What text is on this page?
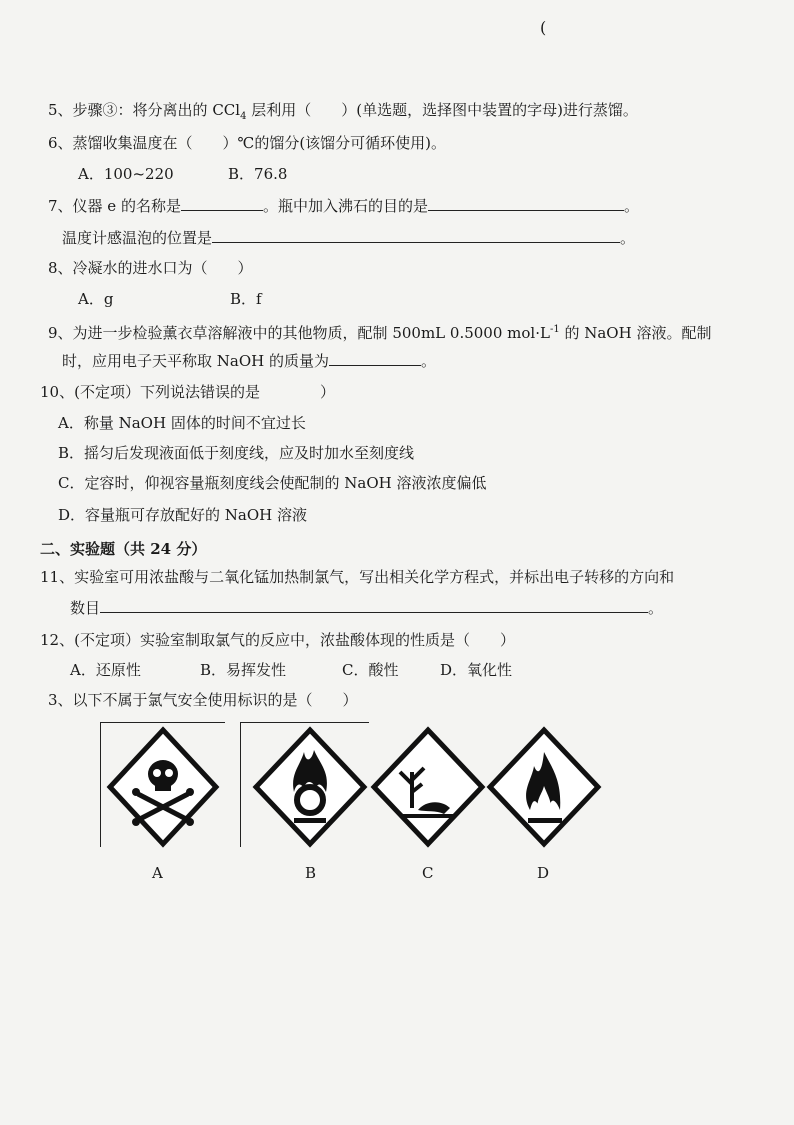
(
5、步骤③：将分离出的 CCl$_4$ 层利用（　　）(单选题，选择图中装置的字母)进行蒸馏。
6、蒸馏收集温度在（　　）℃的馏分(该馏分可循环使用)。
A．100~220	B．76.8
7、仪器 e 的名称是	。瓶中加入沸石的目的是	。
温度计感温泡的位置是	。
8、冷凝水的进水口为（　　）
A．g	B．f
9、为进一步检验薰衣草溶解液中的其他物质，配制 500mL 0.5000 $mol\cdot L^{-1}$ 的 NaOH 溶液。配制
时，应用电子天平称取 NaOH 的质量为	。
10、(不定项）下列说法错误的是　　　　）
A．称量 NaOH 固体的时间不宜过长
B．摇匀后发现液面低于刻度线，应及时加水至刻度线
C．定容时，仰视容量瓶刻度线会使配制的 NaOH 溶液浓度偏低
D．容量瓶可存放配好的 NaOH 溶液
二、实验题（共 24 分）
11、实验室可用浓盐酸与二氧化锰加热制氯气，写出相关化学方程式，并标出电子转移的方向和
数目	。
12、(不定项）实验室制取氯气的反应中，浓盐酸体现的性质是（　　）
A．还原性	B．易挥发性	C．酸性	D．氧化性
3、以下不属于氯气安全使用标识的是（　　）
A	B	C	D
